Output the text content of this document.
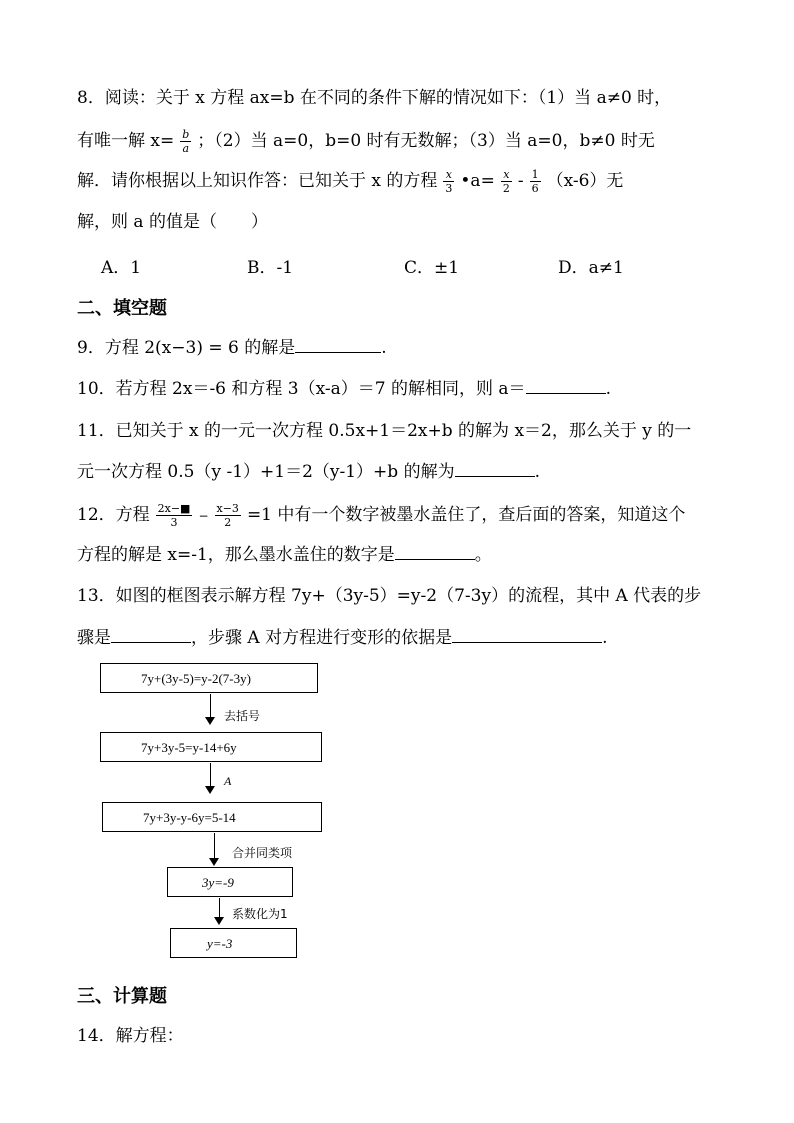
8．阅读：关于 x 方程 ax=b 在不同的条件下解的情况如下：（1）当 a≠0 时，
有唯一解 $x= \frac{b}{a}$ ；（2）当 a=0，b=0 时有无数解；（3）当 a=0，b≠0 时无
解．请你根据以上知识作答：已知关于 x 的方程 $\frac{x}{3}$ •a= $\frac{x}{2} - \frac{1}{6} (x-6)$无
解，则 a 的值是（　　）
A．1	B．-1	C．±1	D．a≠1
二、填空题
9．方程 2(x−3) = 6 的解是	.
10．若方程 2x＝-6 和方程 3（x-a）＝7 的解相同，则 a＝	.
11．已知关于 x 的一元一次方程 0.5x+1＝2x+b 的解为 x＝2，那么关于 y 的一
元一次方程 0.5（y -1）+1＝2（y-1）+b 的解为	.
12．方程 $\frac{2x-■}{3} - \frac{x-3}{2} =1$ 中有一个数字被墨水盖住了，查后面的答案，知道这个
方程的解是 x=-1，那么墨水盖住的数字是	。
13．如图的框图表示解方程 7y+（3y-5）=y-2（7-3y）的流程，其中 A 代表的步
骤是	，步骤 A 对方程进行变形的依据是	.
7y+(3y-5)=y-2(7-3y)
去括号
7y+3y-5=y-14+6y
A
7y+3y-y-6y=5-14
合并同类项
3y=-9
系数化为1
y=-3
三、计算题
14．解方程：
